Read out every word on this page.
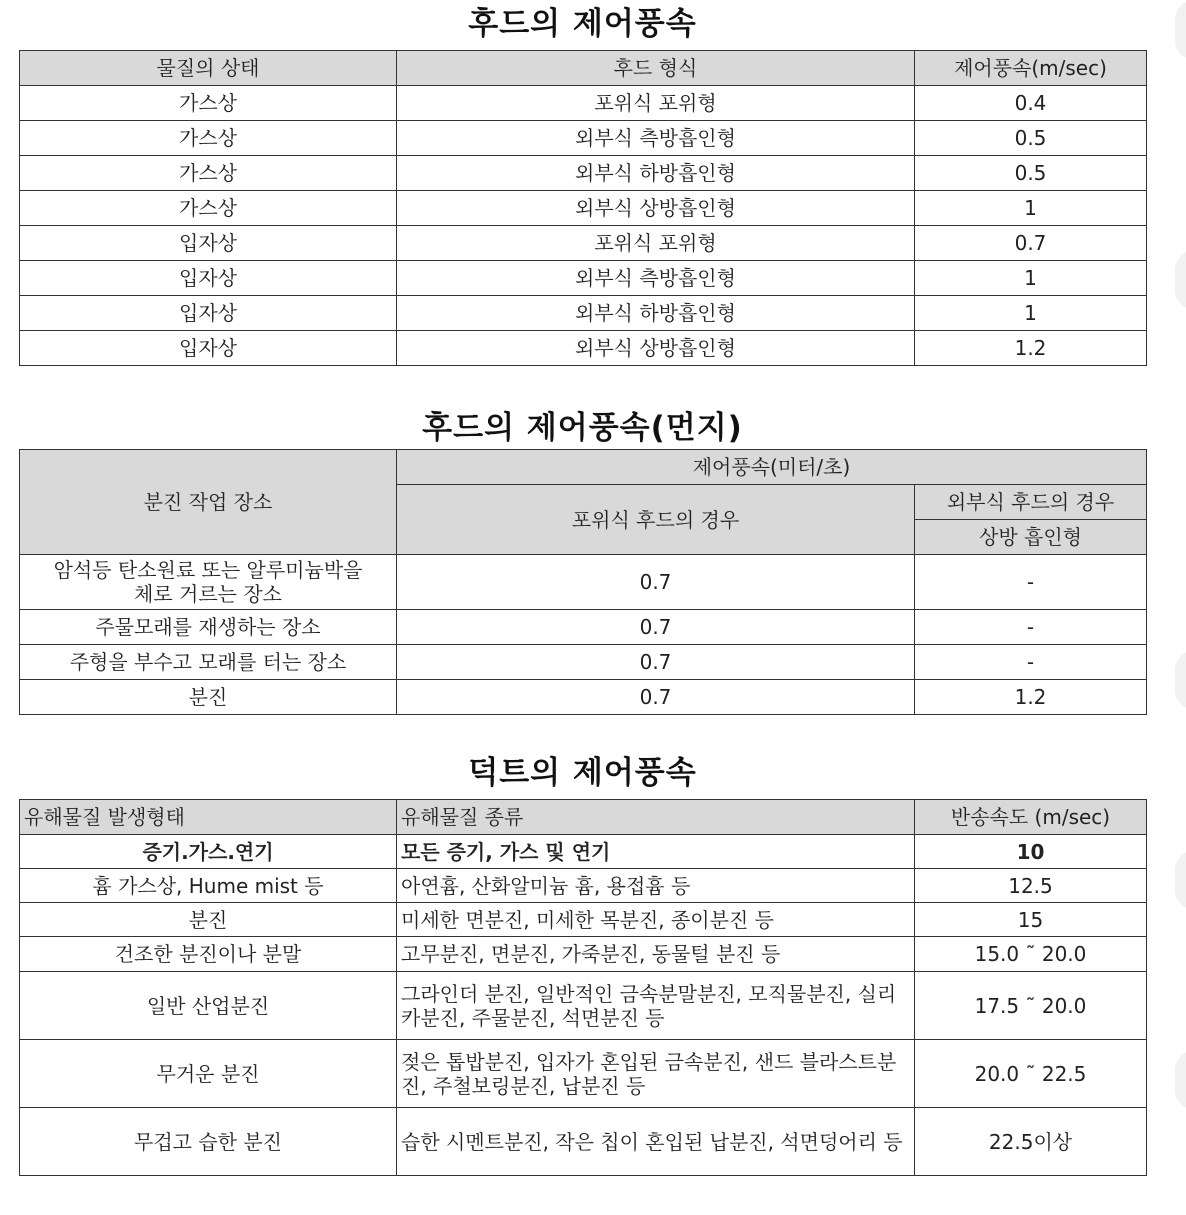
후드의 제어풍속
물질의 상태	후드 형식	제어풍속(m/sec)
가스상	포위식 포위형	0.4
가스상	외부식 측방흡인형	0.5
가스상	외부식 하방흡인형	0.5
가스상	외부식 상방흡인형	1
입자상	포위식 포위형	0.7
입자상	외부식 측방흡인형	1
입자상	외부식 하방흡인형	1
입자상	외부식 상방흡인형	1.2
후드의 제어풍속(먼지)
분진 작업 장소	제어풍속(미터/초)	
	포위식 후드의 경우	외부식 후드의 경우
		상방 흡인형
암석등 탄소원료 또는 알루미늄박을
체로 거르는 장소	0.7	-
주물모래를 재생하는 장소	0.7	-
주형을 부수고 모래를 터는 장소	0.7	-
분진	0.7	1.2
덕트의 제어풍속
유해물질 발생형태	유해물질 종류	반송속도 (m/sec)
증기.가스.연기	모든 증기, 가스 및 연기	10
흄 가스상, Hume mist 등	아연흄, 산화알미늄 흄, 용접흄 등	12.5
분진	미세한 면분진, 미세한 목분진, 종이분진 등	15
건조한 분진이나 분말	고무분진, 면분진, 가죽분진, 동물털 분진 등	15.0 ˜ 20.0
일반 산업분진	그라인더 분진, 일반적인 금속분말분진, 모직물분진, 실리카분진, 주물분진, 석면분진 등	17.5 ˜ 20.0
무거운 분진	젖은 톱밥분진, 입자가 혼입된 금속분진, 샌드 블라스트분진, 주철보링분진, 납분진 등	20.0 ˜ 22.5
무겁고 습한 분진	습한 시멘트분진, 작은 칩이 혼입된 납분진, 석면덩어리 등	22.5이상
